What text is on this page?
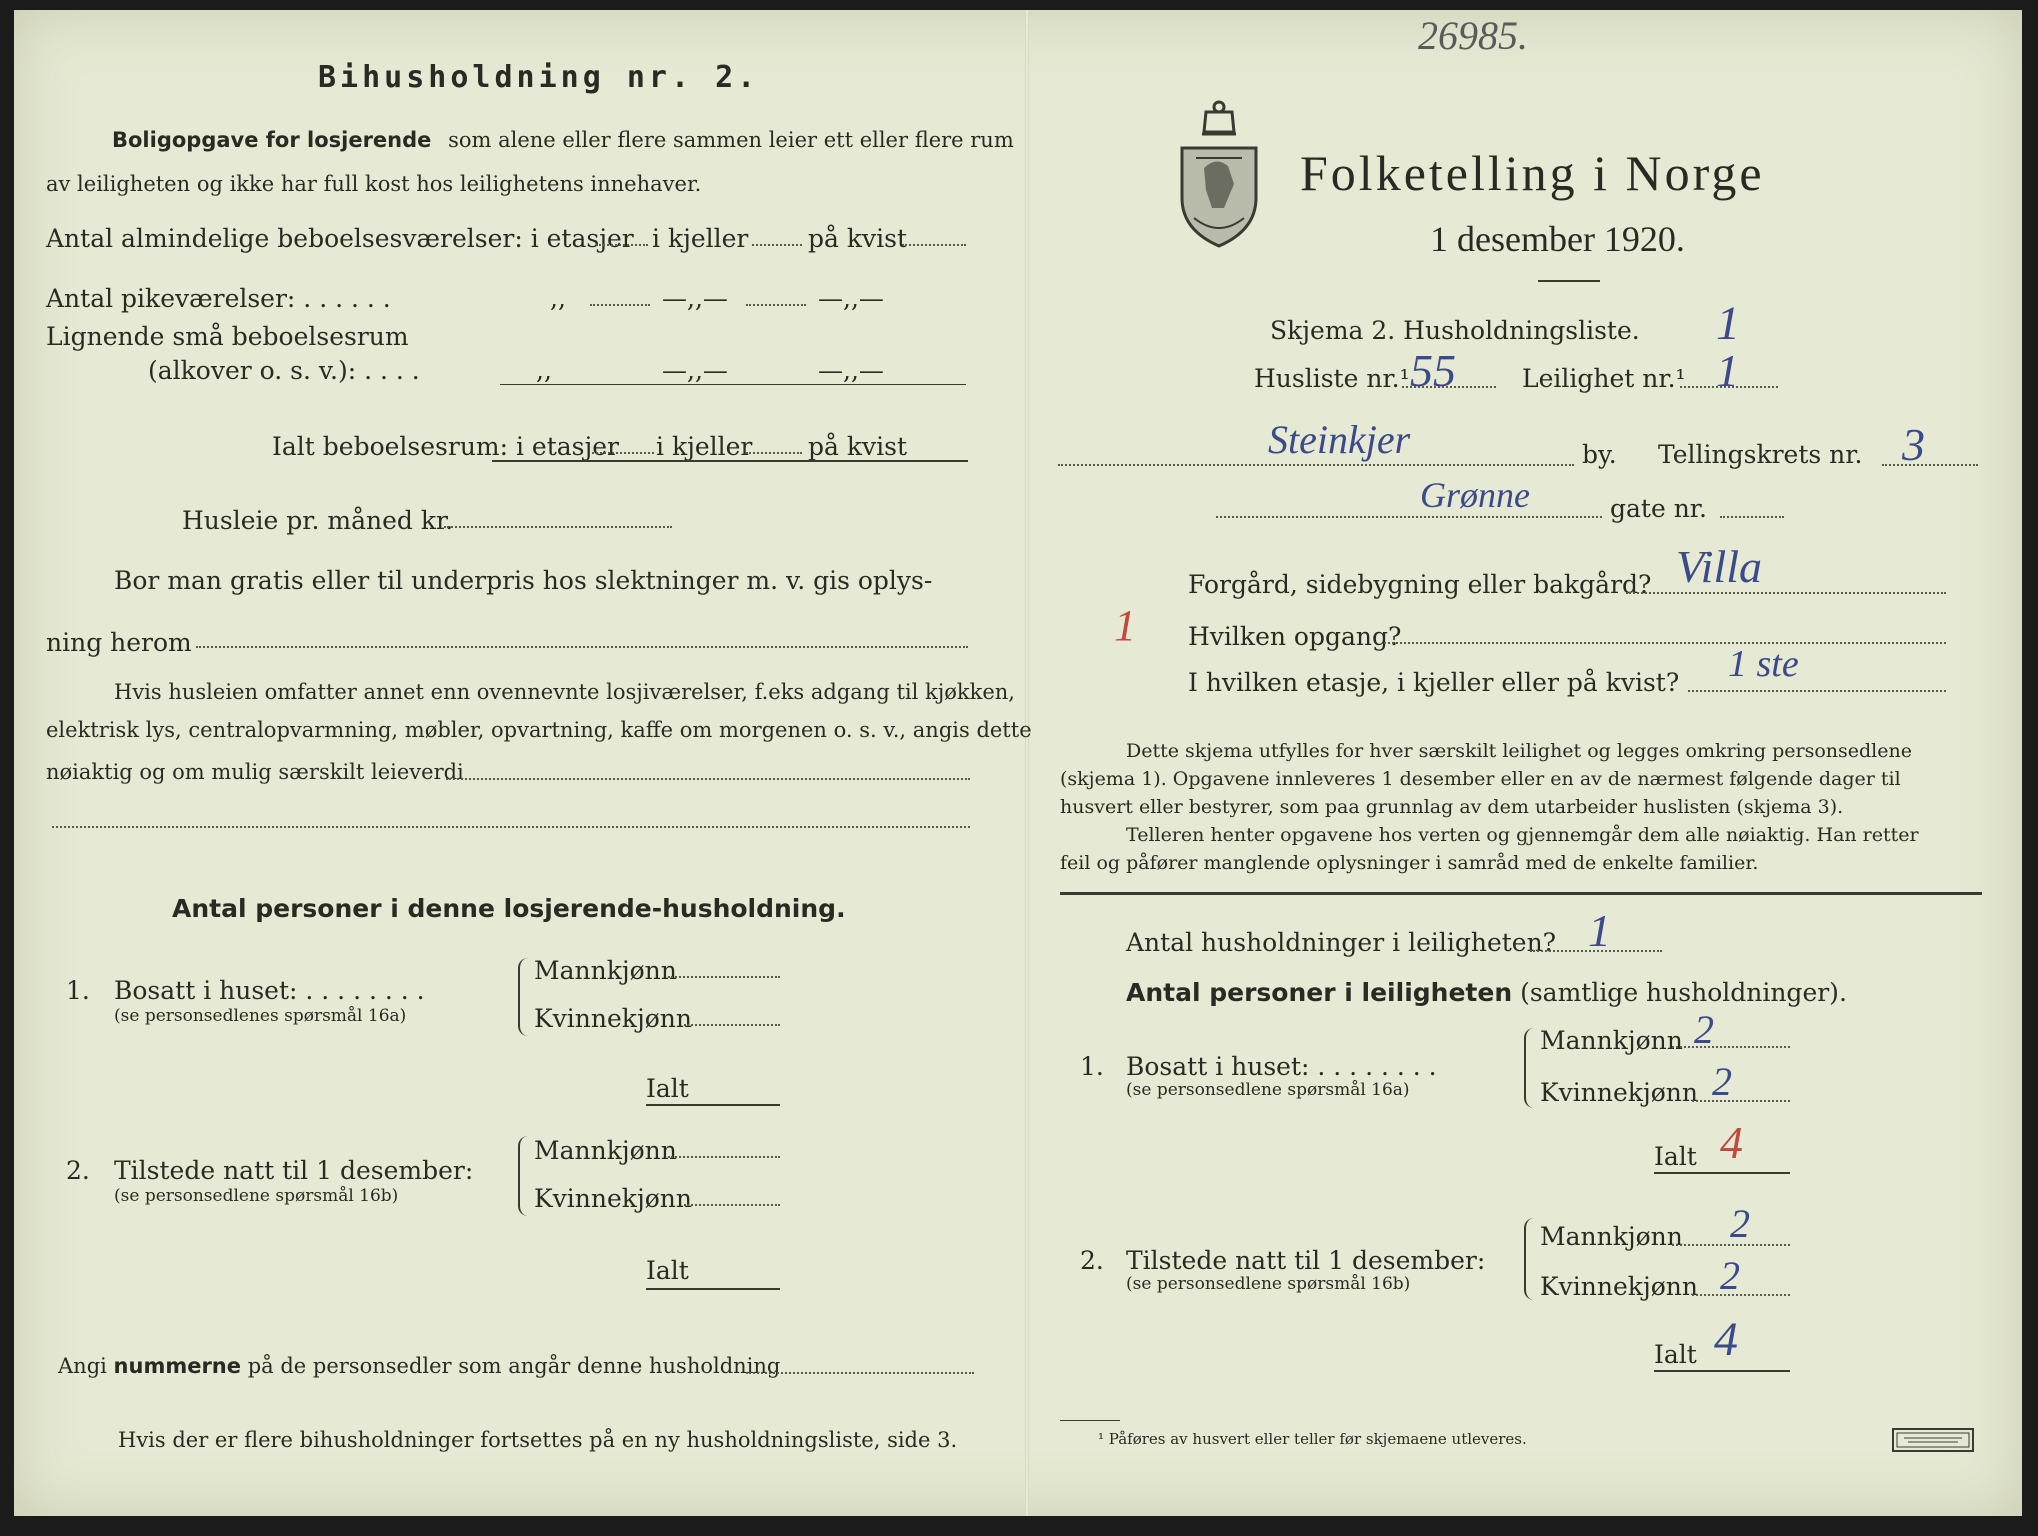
Bihusholdning nr. 2.
Boligopgave for losjerende som alene eller flere sammen leier ett eller flere rum
av leiligheten og ikke har full kost hos leilighetens innehaver.
Antal almindelige beboelsesværelser: i etasjer i kjeller på kvist
Antal pikeværelser: . . . . . .	,,	—,,—	—,,—
Lignende små beboelsesrum
(alkover o. s. v.): . . . .	,,	—,,—	—,,—
Ialt beboelsesrum: i etasjer i kjeller på kvist
Husleie pr. måned kr.
Bor man gratis eller til underpris hos slektninger m. v. gis oplys-
ning herom
Hvis husleien omfatter annet enn ovennevnte losjiværelser, f.eks adgang til kjøkken,
elektrisk lys, centralopvarmning, møbler, opvartning, kaffe om morgenen o. s. v., angis dette
nøiaktig og om mulig særskilt leieverdi
Antal personer i denne losjerende-husholdning.
1. Bosatt i huset: . . . . . . . .
(se personsedlenes spørsmål 16a)
Mannkjønn
Kvinnekjønn
Ialt
2. Tilstede natt til 1 desember:
(se personsedlene spørsmål 16b)
Mannkjønn
Kvinnekjønn
Ialt
Angi nummerne på de personsedler som angår denne husholdning
Hvis der er flere bihusholdninger fortsettes på en ny husholdningsliste, side 3.
26985.
Folketelling i Norge
1 desember 1920.
Skjema 2. Husholdningsliste. 1
Husliste nr.¹ 55	Leilighet nr.¹ 1
Steinkjer	by. Tellingskrets nr. 3
Grønne	gate nr.
Forgård, sidebygning eller bakgård? Villa
1 Hvilken opgang?
I hvilken etasje, i kjeller eller på kvist? 1 ste
Dette skjema utfylles for hver særskilt leilighet og legges omkring personsedlene
(skjema 1). Opgavene innleveres 1 desember eller en av de nærmest følgende dager til
husvert eller bestyrer, som paa grunnlag av dem utarbeider huslisten (skjema 3).
Telleren henter opgavene hos verten og gjennemgår dem alle nøiaktig. Han retter
feil og påfører manglende oplysninger i samråd med de enkelte familier.
Antal husholdninger i leiligheten? 1
Antal personer i leiligheten (samtlige husholdninger).
1. Bosatt i huset: . . . . . . . .
(se personsedlene spørsmål 16a)
Mannkjønn 2
Kvinnekjønn 2
Ialt 4
2. Tilstede natt til 1 desember:
(se personsedlene spørsmål 16b)
Mannkjønn 2
Kvinnekjønn 2
Ialt 4
¹ Påføres av husvert eller teller før skjemaene utleveres.
